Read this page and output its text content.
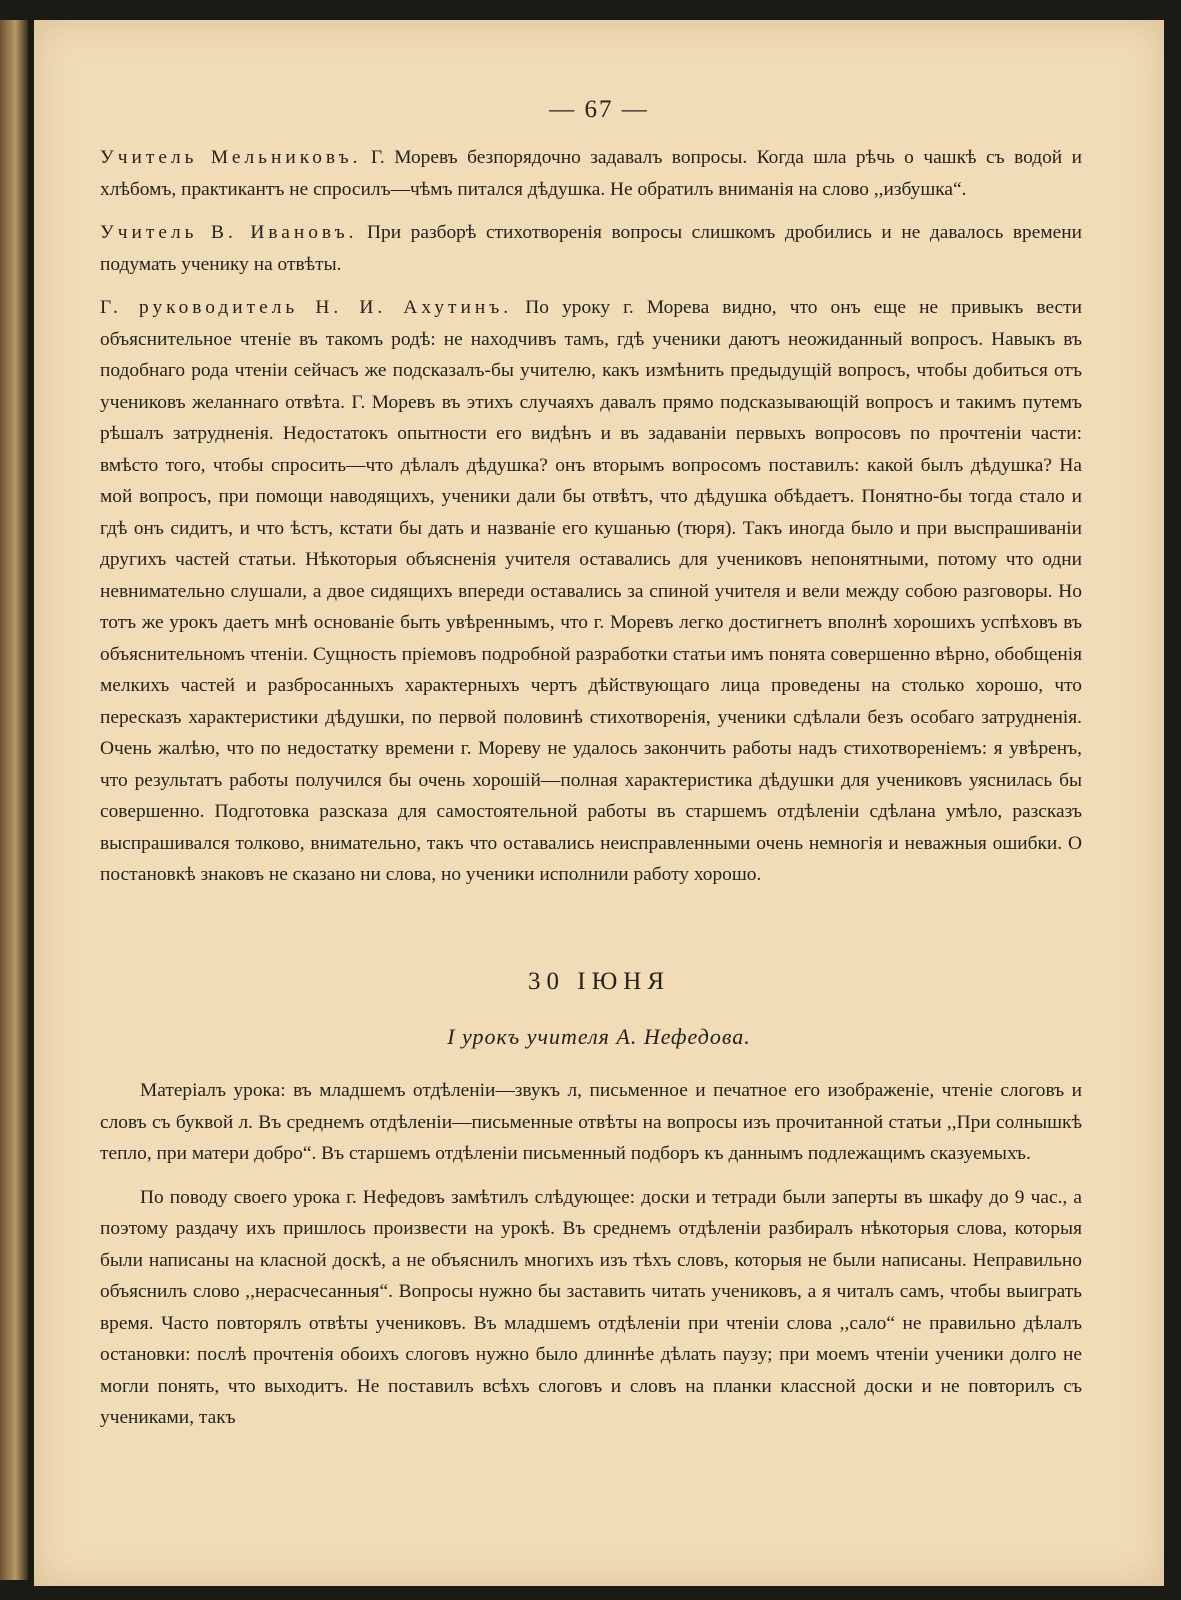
— 67 —

Учитель Мельниковъ. Г. Моревъ безпорядочно задавалъ вопросы. Когда шла рѣчь о чашкѣ съ водой и хлѣбомъ, практикантъ не спросилъ—чѣмъ питался дѣдушка. Не обратилъ вниманія на слово ,,избушка“.

Учитель В. Ивановъ. При разборѣ стихотворенія вопросы слишкомъ дробились и не давалось времени подумать ученику на отвѣты.

Г. руководитель Н. И. Ахутинъ. По уроку г. Морева видно, что онъ еще не привыкъ вести объяснительное чтеніе въ такомъ родѣ: не находчивъ тамъ, гдѣ ученики даютъ неожиданный вопросъ. Навыкъ въ подобнаго рода чтеніи сейчасъ же подсказалъ-бы учителю, какъ измѣнить предыдущій вопросъ, чтобы добиться отъ учениковъ желаннаго отвѣта. Г. Моревъ въ этихъ случаяхъ давалъ прямо подсказывающій вопросъ и такимъ путемъ рѣшалъ затрудненія. Недостатокъ опытности его видѣнъ и въ задаваніи первыхъ вопросовъ по прочтеніи части: вмѣсто того, чтобы спросить—что дѣлалъ дѣдушка? онъ вторымъ вопросомъ поставилъ: какой былъ дѣдушка? На мой вопросъ, при помощи наводящихъ, ученики дали бы отвѣтъ, что дѣдушка обѣдаетъ. Понятно-бы тогда стало и гдѣ онъ сидитъ, и что ѣстъ, кстати бы дать и названіе его кушанью (тюря). Такъ иногда было и при выспрашиваніи другихъ частей статьи. Нѣкоторыя объясненія учителя оставались для учениковъ непонятными, потому что одни невнимательно слушали, а двое сидящихъ впереди оставались за спиной учителя и вели между собою разговоры. Но тотъ же урокъ даетъ мнѣ основаніе быть увѣреннымъ, что г. Моревъ легко достигнетъ вполнѣ хорошихъ успѣховъ въ объяснительномъ чтеніи. Сущность пріемовъ подробной разработки статьи имъ понята совершенно вѣрно, обобщенія мелкихъ частей и разбросанныхъ характерныхъ чертъ дѣйствующаго лица проведены на столько хорошо, что пересказъ характеристики дѣдушки, по первой половинѣ стихотворенія, ученики сдѣлали безъ особаго затрудненія. Очень жалѣю, что по недостатку времени г. Мореву не удалось закончить работы надъ стихотвореніемъ: я увѣренъ, что результатъ работы получился бы очень хорошій—полная характеристика дѣдушки для учениковъ уяснилась бы совершенно. Подготовка разсказа для самостоятельной работы въ старшемъ отдѣленіи сдѣлана умѣло, разсказъ выспрашивался толково, внимательно, такъ что оставались неисправленными очень немногія и неважныя ошибки. О постановкѣ знаковъ не сказано ни слова, но ученики исполнили работу хорошо.

30 ІЮНЯ
І урокъ учителя А. Нефедова.

Матеріалъ урока: въ младшемъ отдѣленіи—звукъ л, письменное и печатное его изображеніе, чтеніе слоговъ и словъ съ буквой л. Въ среднемъ отдѣленіи—письменные отвѣты на вопросы изъ прочитанной статьи ,,При солнышкѣ тепло, при матери добро“. Въ старшемъ отдѣленіи письменный подборъ къ даннымъ подлежащимъ сказуемыхъ.

По поводу своего урока г. Нефедовъ замѣтилъ слѣдующее: доски и тетради были заперты въ шкафу до 9 час., а поэтому раздачу ихъ пришлось произвести на урокѣ. Въ среднемъ отдѣленіи разбиралъ нѣкоторыя слова, которыя были написаны на класной доскѣ, а не объяснилъ многихъ изъ тѣхъ словъ, которыя не были написаны. Неправильно объяснилъ слово ,,нерасчесанныя“. Вопросы нужно бы заставить читать учениковъ, а я читалъ самъ, чтобы выиграть время. Часто повторялъ отвѣты учениковъ. Въ младшемъ отдѣленіи при чтеніи слова ,,сало“ не правильно дѣлалъ остановки: послѣ прочтенія обоихъ слоговъ нужно было длиннѣе дѣлать паузу; при моемъ чтеніи ученики долго не могли понять, что выходитъ. Не поставилъ всѣхъ слоговъ и словъ на планки классной доски и не повторилъ съ учениками, такъ
